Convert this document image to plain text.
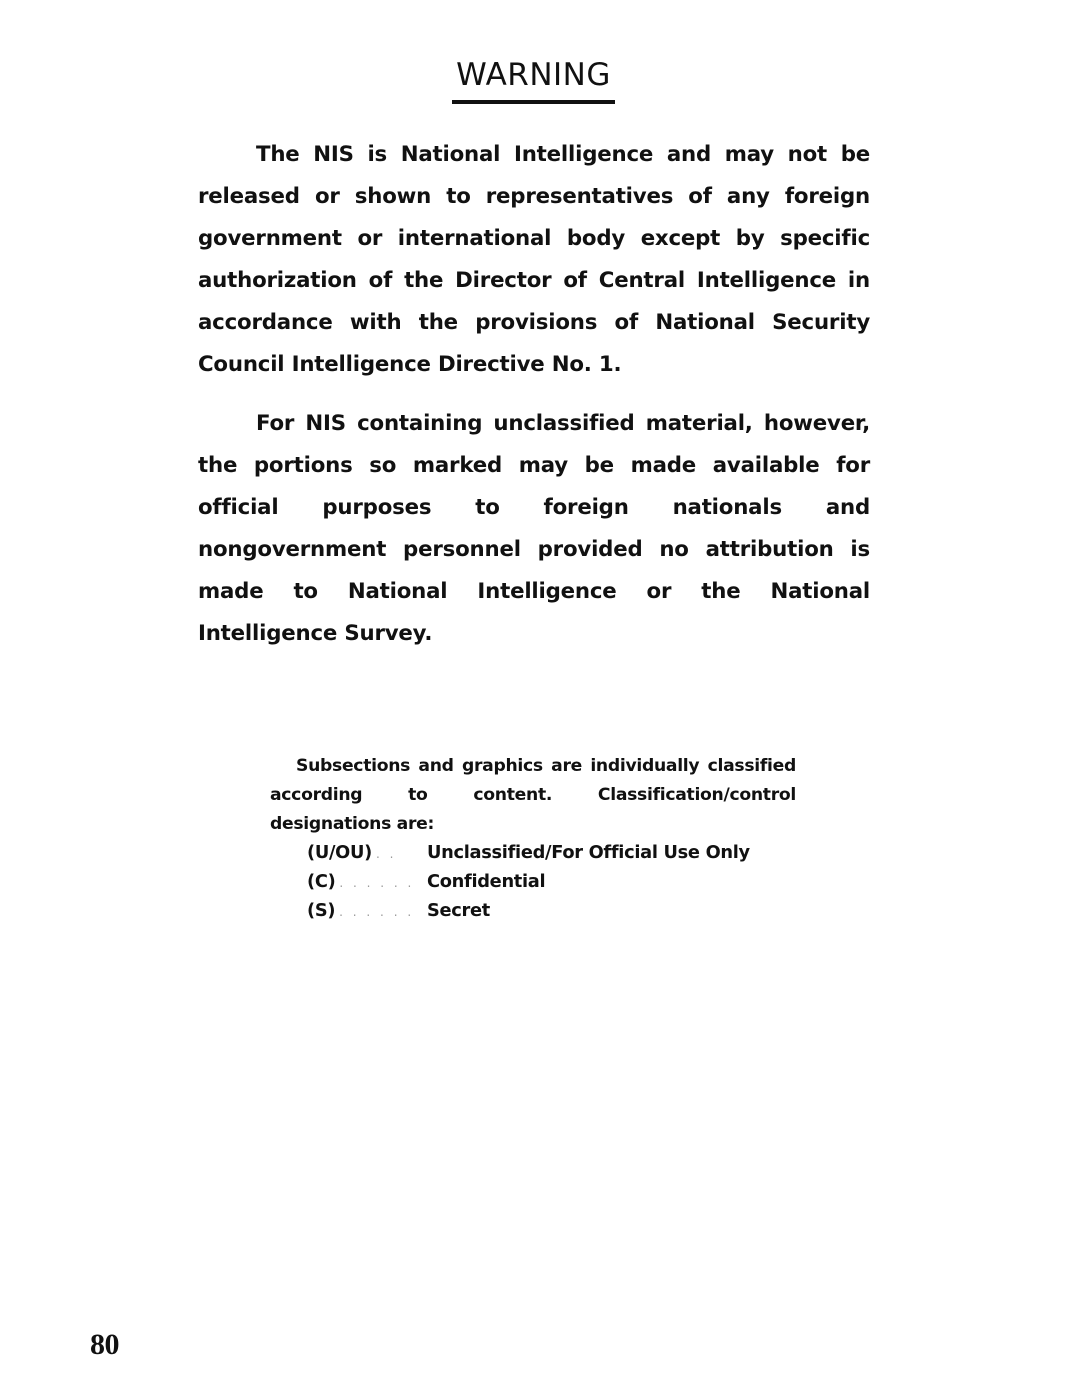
WARNING

The NIS is National Intelligence and may not be released or shown to representatives of any foreign government or international body except by specific authorization of the Director of Central Intelligence in accordance with the provisions of National Security Council Intelligence Directive No. 1.

For NIS containing unclassified material, however, the portions so marked may be made available for official purposes to foreign nationals and nongovernment personnel provided no attribution is made to National Intelligence or the National Intelligence Survey.

Subsections and graphics are individually classified according to content. Classification/control designations are:

(U/OU) . . Unclassified/For Official Use Only
(C) . . . . . . Confidential
(S) . . . . . . Secret
80
